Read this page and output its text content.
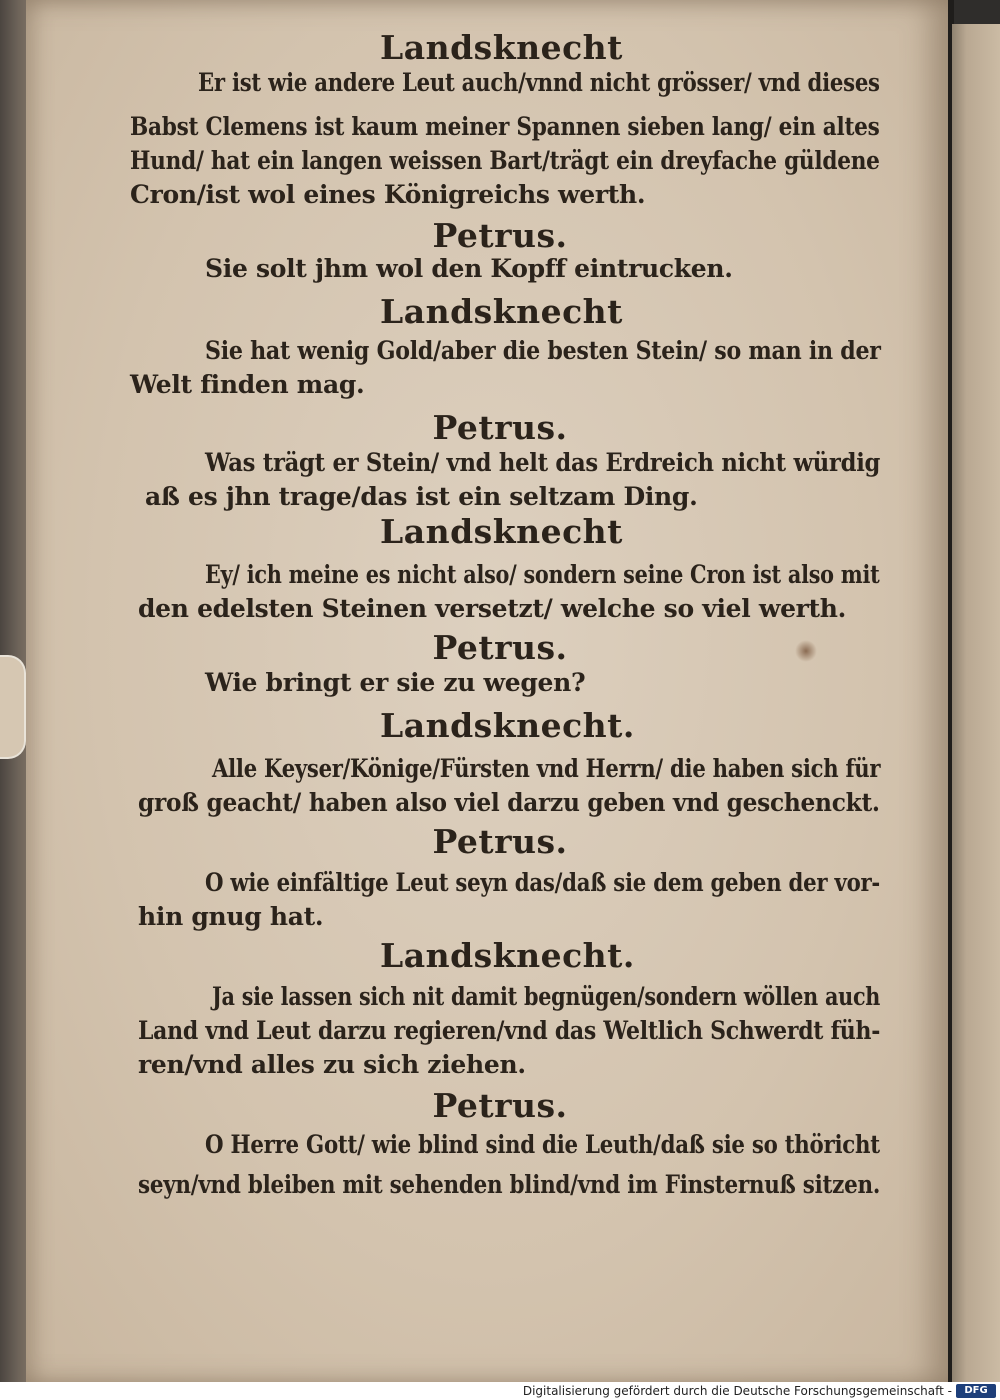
Landsknecht
Er ist wie andere Leut auch/vnnd nicht grösser/ vnd dieses
Babst Clemens ist kaum meiner Spannen sieben lang/ ein altes
Hund/ hat ein langen weissen Bart/trägt ein dreyfache güldene
Cron/ist wol eines Königreichs werth.
Petrus.
Sie solt jhm wol den Kopff eintrucken.
Landsknecht
Sie hat wenig Gold/aber die besten Stein/ so man in der
Welt finden mag.
Petrus.
Was trägt er Stein/ vnd helt das Erdreich nicht würdig
aß es jhn trage/das ist ein seltzam Ding.
Landsknecht
Ey/ ich meine es nicht also/ sondern seine Cron ist also mit
den edelsten Steinen versetzt/ welche so viel werth.
Petrus.
Wie bringt er sie zu wegen?
Landsknecht.
Alle Keyser/Könige/Fürsten vnd Herrn/ die haben sich für
groß geacht/ haben also viel darzu geben vnd geschenckt.
Petrus.
O wie einfältige Leut seyn das/daß sie dem geben der vor-
hin gnug hat.
Landsknecht.
Ja sie lassen sich nit damit begnügen/sondern wöllen auch
Land vnd Leut darzu regieren/vnd das Weltlich Schwerdt füh-
ren/vnd alles zu sich ziehen.
Petrus.
O Herre Gott/ wie blind sind die Leuth/daß sie so thöricht
seyn/vnd bleiben mit sehenden blind/vnd im Finsternuß sitzen.
Digitalisierung gefördert durch die Deutsche Forschungsgemeinschaft -	DFG
